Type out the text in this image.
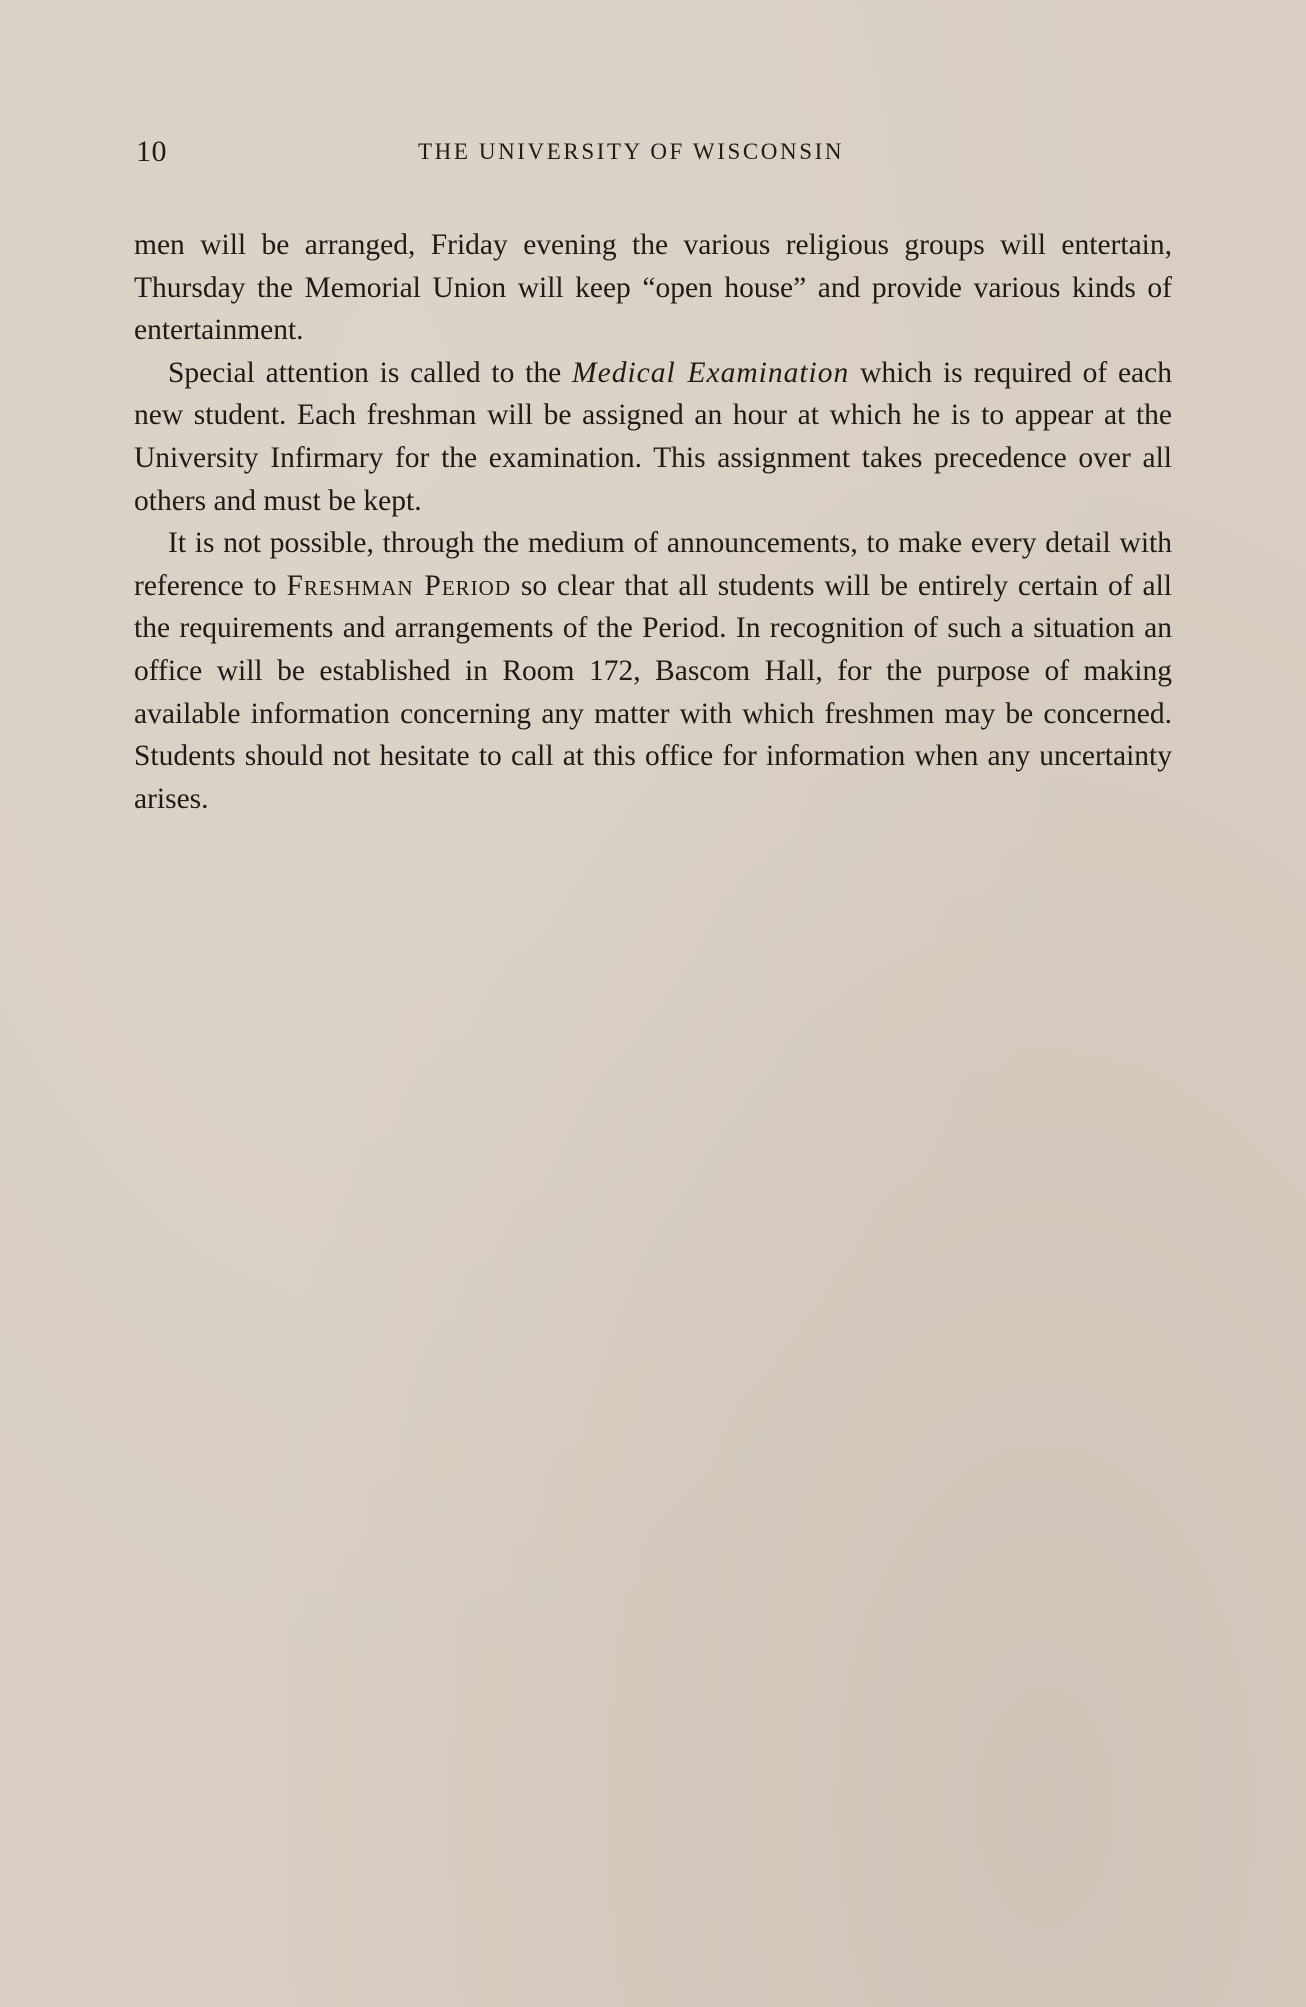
10	THE UNIVERSITY OF WISCONSIN

men will be arranged, Friday evening the various religious groups will entertain, Thursday the Memorial Union will keep “open house” and provide various kinds of entertainment.

Special attention is called to the Medical Examination which is required of each new student. Each freshman will be assigned an hour at which he is to appear at the University Infirmary for the examination. This assignment takes precedence over all others and must be kept.

It is not possible, through the medium of announcements, to make every detail with reference to Freshman Period so clear that all students will be entirely certain of all the requirements and arrangements of the Period. In recognition of such a situation an office will be established in Room 172, Bascom Hall, for the purpose of making available information concerning any matter with which freshmen may be concerned. Students should not hesitate to call at this office for information when any uncertainty arises.
